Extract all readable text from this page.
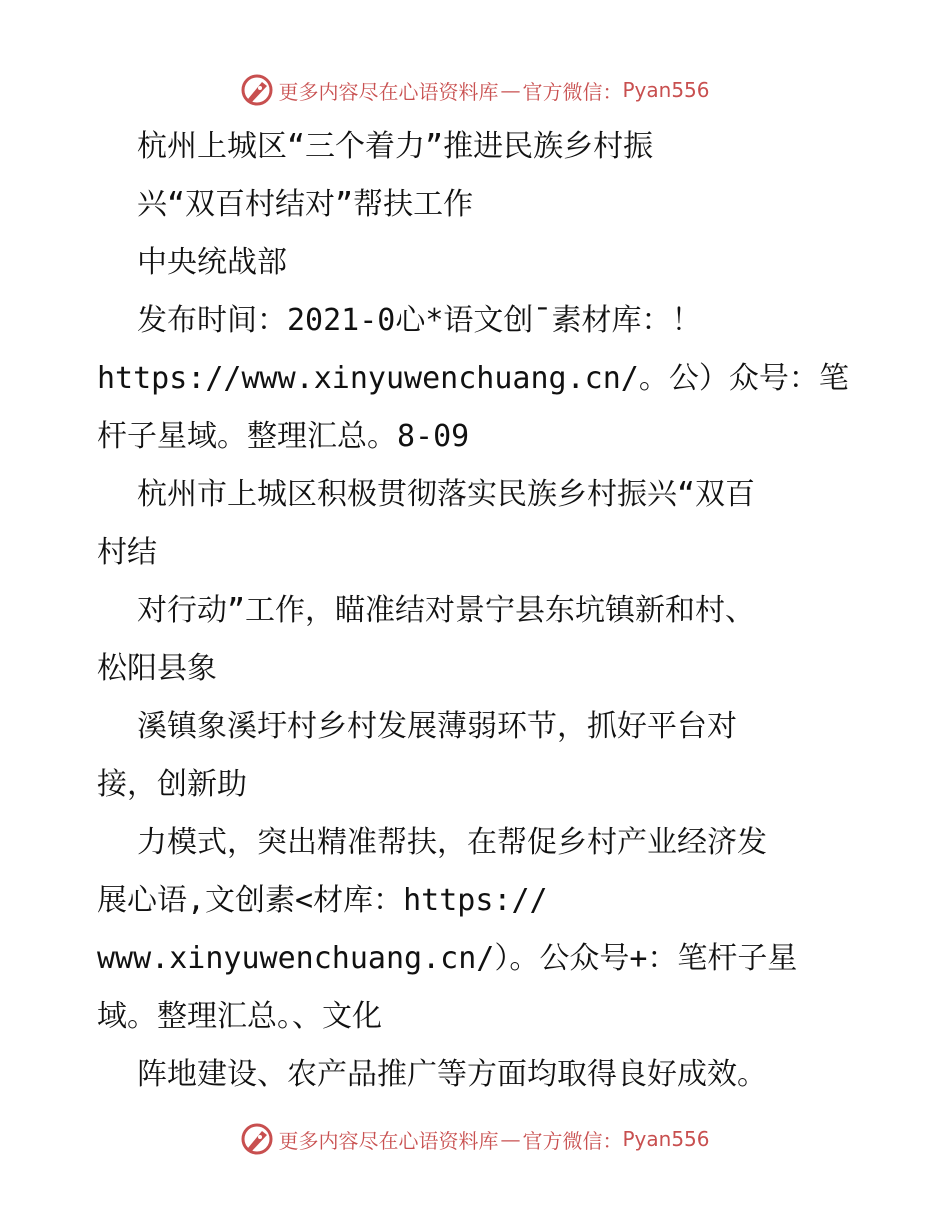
更多内容尽在心语资料库 — 官方微信： Pyan556
杭州上城区“三个着力”推进民族乡村振
兴“双百村结对”帮扶工作
中央统战部
发布时间：2021-0心*语文创¯素材库：！
https://www.xinyuwenchuang.cn/。公）众号：笔
杆子星域。整理汇总。8-09
杭州市上城区积极贯彻落实民族乡村振兴“双百
村结
对行动”工作，瞄准结对景宁县东坑镇新和村、
松阳县象
溪镇象溪圩村乡村发展薄弱环节，抓好平台对
接，创新助
力模式，突出精准帮扶，在帮促乡村产业经济发
展心语,文创素<材库：https://
www.xinyuwenchuang.cn/）。公众号+：笔杆子星
域。整理汇总。、文化
阵地建设、农产品推广等方面均取得良好成效。
更多内容尽在心语资料库 — 官方微信： Pyan556
